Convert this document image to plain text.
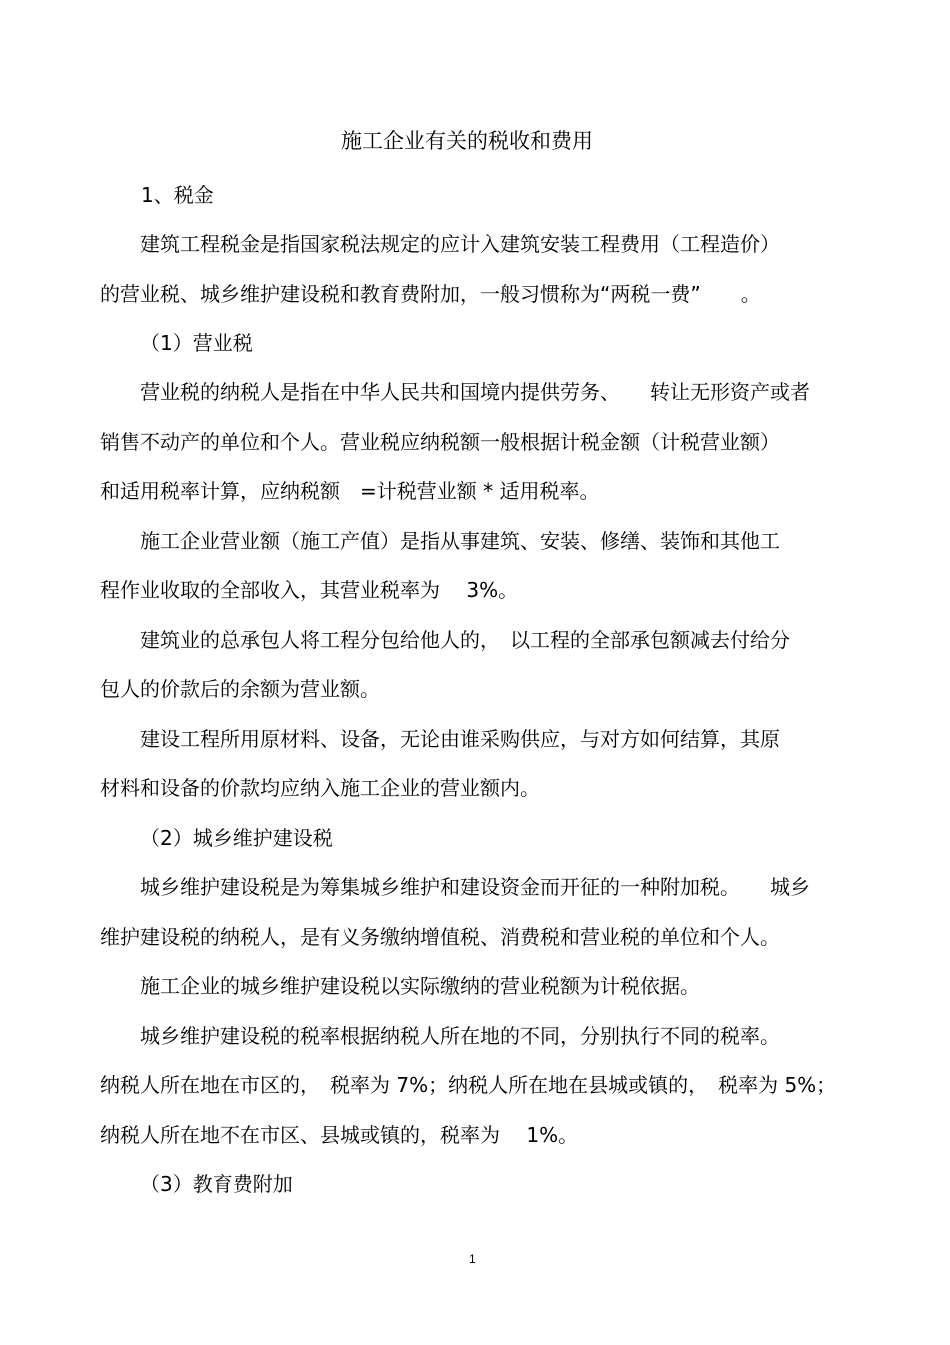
施工企业有关的税收和费用
1、税金
建筑工程税金是指国家税法规定的应计入建筑安装工程费用（工程造价）
的营业税、城乡维护建设税和教育费附加，一般习惯称为“两税一费”　　。
（1）营业税
营业税的纳税人是指在中华人民共和国境内提供劳务、　　转让无形资产或者
销售不动产的单位和个人。营业税应纳税额一般根据计税金额（计税营业额）
和适用税率计算，应纳税额　=计税营业额 * 适用税率。
施工企业营业额（施工产值）是指从事建筑、安装、修缮、装饰和其他工
程作业收取的全部收入，其营业税率为　 3%。
建筑业的总承包人将工程分包给他人的，　以工程的全部承包额减去付给分
包人的价款后的余额为营业额。
建设工程所用原材料、设备，无论由谁采购供应，与对方如何结算，其原
材料和设备的价款均应纳入施工企业的营业额内。
（2）城乡维护建设税
城乡维护建设税是为筹集城乡维护和建设资金而开征的一种附加税。　　城乡
维护建设税的纳税人，是有义务缴纳增值税、消费税和营业税的单位和个人。
施工企业的城乡维护建设税以实际缴纳的营业税额为计税依据。
城乡维护建设税的税率根据纳税人所在地的不同，分别执行不同的税率。
纳税人所在地在市区的，　税率为 7%；纳税人所在地在县城或镇的，　税率为 5%；
纳税人所在地不在市区、县城或镇的，税率为　 1%。
（3）教育费附加
1
